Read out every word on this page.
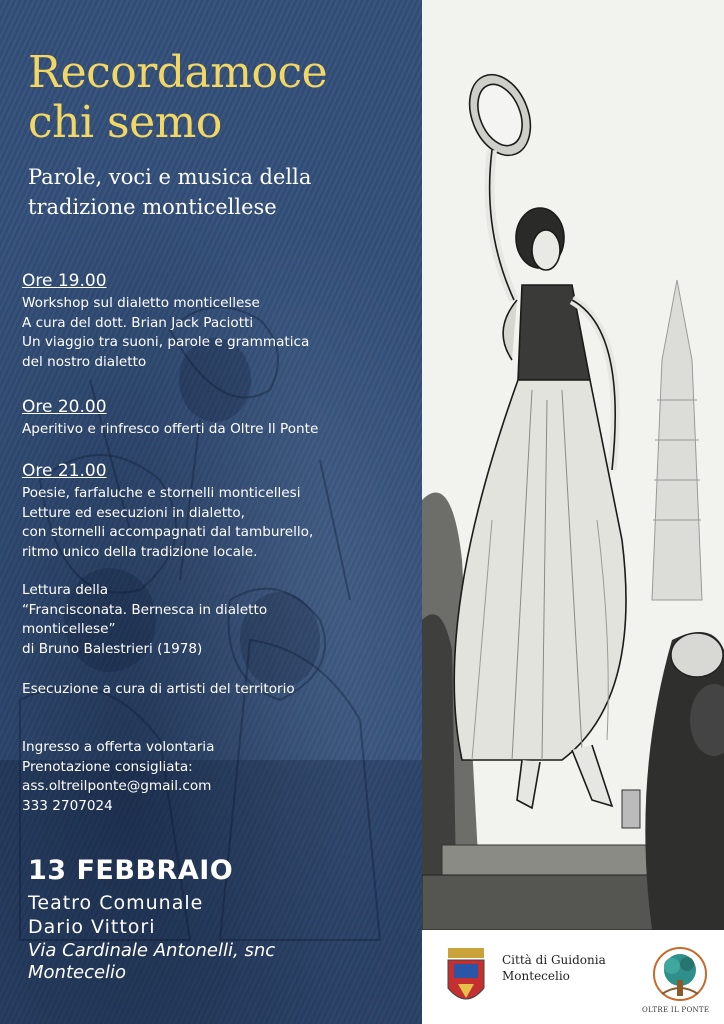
Recordamoce
chi semo

Parole, voci e musica della
tradizione monticellese

Ore 19.00

Workshop sul dialetto monticellese

A cura del dott. Brian Jack Paciotti

Un viaggio tra suoni, parole e grammatica

del nostro dialetto

Ore 20.00

Aperitivo e rinfresco offerti da Oltre Il Ponte

Ore 21.00

Poesie, farfaluche e stornelli monticellesi

Letture ed esecuzioni in dialetto,

con stornelli accompagnati dal tamburello,

ritmo unico della tradizione locale.

Lettura della

“Francisconata. Bernesca in dialetto

monticellese”

di Bruno Balestrieri (1978)

Esecuzione a cura di artisti del territorio

Ingresso a offerta volontaria

Prenotazione consigliata:

ass.oltreilponte@gmail.com

333 2707024

13 FEBBRAIO
Teatro Comunale
Dario Vittori
Via Cardinale Antonelli, snc
Montecelio
Città di Guidonia
Montecelio
OLTRE IL PONTE
